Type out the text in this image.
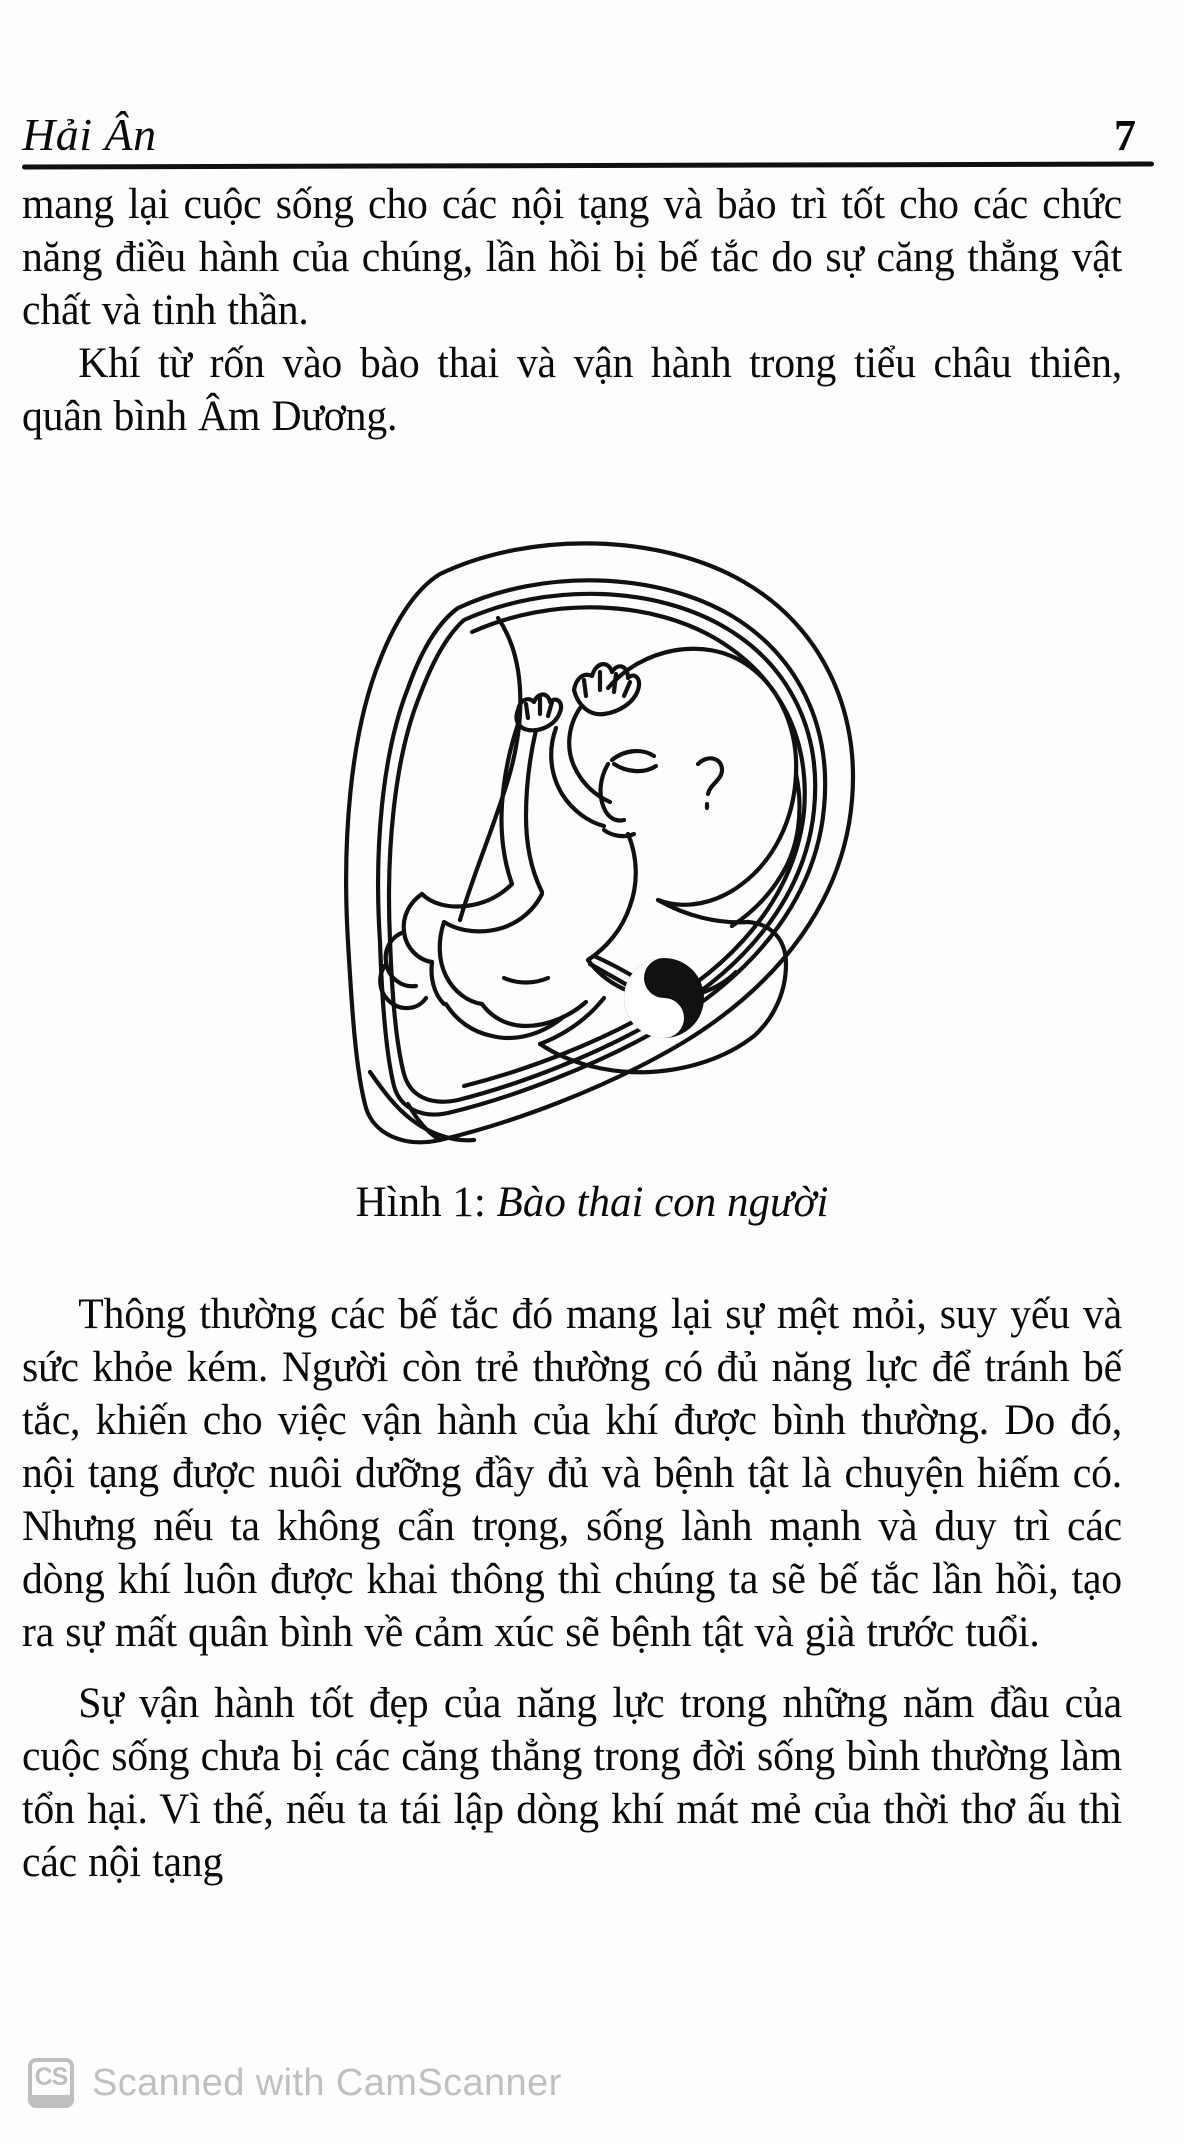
Hải Ân	7

mang lại cuộc sống cho các nội tạng và bảo trì tốt cho các chức năng điều hành của chúng, lần hồi bị bế tắc do sự căng thẳng vật chất và tinh thần.

Khí từ rốn vào bào thai và vận hành trong tiểu châu thiên, quân bình Âm Dương.

Hình 1: Bào thai con người

Thông thường các bế tắc đó mang lại sự mệt mỏi, suy yếu và sức khỏe kém. Người còn trẻ thường có đủ năng lực để tránh bế tắc, khiến cho việc vận hành của khí được bình thường. Do đó, nội tạng được nuôi dưỡng đầy đủ và bệnh tật là chuyện hiếm có. Nhưng nếu ta không cẩn trọng, sống lành mạnh và duy trì các dòng khí luôn được khai thông thì chúng ta sẽ bế tắc lần hồi, tạo ra sự mất quân bình về cảm xúc sẽ bệnh tật và già trước tuổi.

Sự vận hành tốt đẹp của năng lực trong những năm đầu của cuộc sống chưa bị các căng thẳng trong đời sống bình thường làm tổn hại. Vì thế, nếu ta tái lập dòng khí mát mẻ của thời thơ ấu thì các nội tạng

CS Scanned with CamScanner
